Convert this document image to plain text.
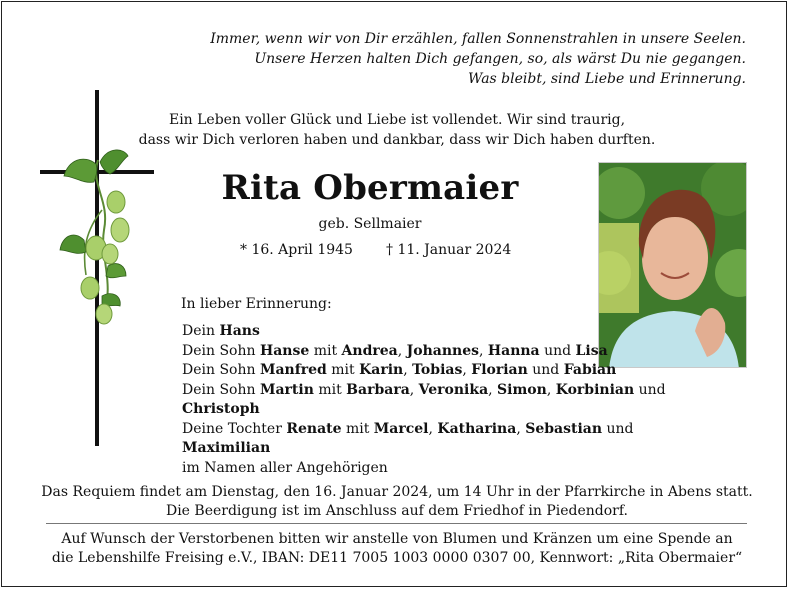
Immer, wenn wir von Dir erzählen, fallen Sonnenstrahlen in unsere Seelen.
Unsere Herzen halten Dich gefangen, so, als wärst Du nie gegangen.
Was bleibt, sind Liebe und Erinnerung.
Ein Leben voller Glück und Liebe ist vollendet. Wir sind traurig,
dass wir Dich verloren haben und dankbar, dass wir Dich haben durften.
Rita Obermaier
geb. Sellmaier
* 16. April 1945 † 11. Januar 2024
In lieber Erinnerung:
Dein Hans
Dein Sohn Hanse mit Andrea, Johannes, Hanna und Lisa
Dein Sohn Manfred mit Karin, Tobias, Florian und Fabian
Dein Sohn Martin mit Barbara, Veronika, Simon, Korbinian und
Christoph
Deine Tochter Renate mit Marcel, Katharina, Sebastian und Maximilian
im Namen aller Angehörigen
Das Requiem findet am Dienstag, den 16. Januar 2024, um 14 Uhr in der Pfarrkirche in Abens statt.
Die Beerdigung ist im Anschluss auf dem Friedhof in Piedendorf.
Auf Wunsch der Verstorbenen bitten wir anstelle von Blumen und Kränzen um eine Spende an
die Lebenshilfe Freising e.V., IBAN: DE11 7005 1003 0000 0307 00, Kennwort: „Rita Obermaier“
